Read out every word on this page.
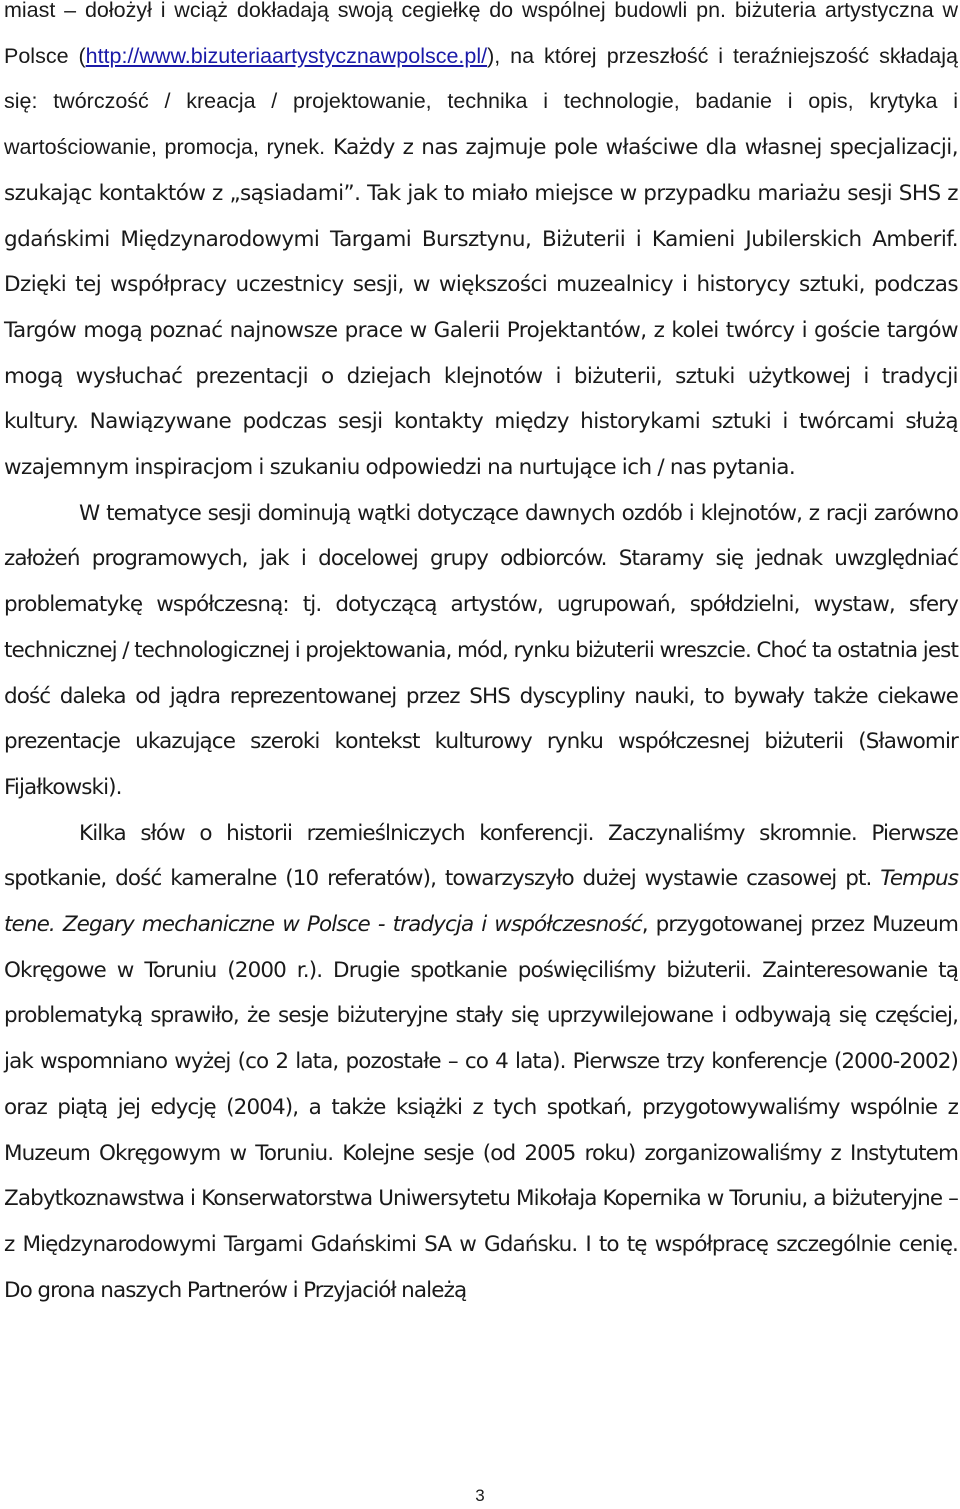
miast – dołożył i wciąż dokładają swoją cegiełkę do wspólnej budowli pn. biżuteria artystyczna w Polsce (http://www.bizuteriaartystycznawpolsce.pl/), na której przeszłość i teraźniejszość składają się: twórczość / kreacja / projektowanie, technika i technologie, badanie i opis, krytyka i wartościowanie, promocja, rynek. Każdy z nas zajmuje pole właściwe dla własnej specjalizacji, szukając kontaktów z „sąsiadami”. Tak jak to miało miejsce w przypadku mariażu sesji SHS z gdańskimi Międzynarodowymi Targami Bursztynu, Biżuterii i Kamieni Jubilerskich Amberif. Dzięki tej współpracy uczestnicy sesji, w większości muzealnicy i historycy sztuki, podczas Targów mogą poznać najnowsze prace w Galerii Projektantów, z kolei twórcy i goście targów mogą wysłuchać prezentacji o dziejach klejnotów i biżuterii, sztuki użytkowej i tradycji kultury. Nawiązywane podczas sesji kontakty między historykami sztuki i twórcami służą wzajemnym inspiracjom i szukaniu odpowiedzi na nurtujące ich / nas pytania.

W tematyce sesji dominują wątki dotyczące dawnych ozdób i klejnotów, z racji zarówno założeń programowych, jak i docelowej grupy odbiorców. Staramy się jednak uwzględniać problematykę współczesną: tj. dotyczącą artystów, ugrupowań, spółdzielni, wystaw, sfery technicznej / technologicznej i projektowania, mód, rynku biżuterii wreszcie. Choć ta ostatnia jest dość daleka od jądra reprezentowanej przez SHS dyscypliny nauki, to bywały także ciekawe prezentacje ukazujące szeroki kontekst kulturowy rynku współczesnej biżuterii (Sławomir Fijałkowski).

Kilka słów o historii rzemieślniczych konferencji. Zaczynaliśmy skromnie. Pierwsze spotkanie, dość kameralne (10 referatów), towarzyszyło dużej wystawie czasowej pt. Tempus tene. Zegary mechaniczne w Polsce - tradycja i współczesność, przygotowanej przez Muzeum Okręgowe w Toruniu (2000 r.). Drugie spotkanie poświęciliśmy biżuterii. Zainteresowanie tą problematyką sprawiło, że sesje biżuteryjne stały się uprzywilejowane i odbywają się częściej, jak wspomniano wyżej (co 2 lata, pozostałe – co 4 lata). Pierwsze trzy konferencje (2000-2002) oraz piątą jej edycję (2004), a także książki z tych spotkań, przygotowywaliśmy wspólnie z Muzeum Okręgowym w Toruniu. Kolejne sesje (od 2005 roku) zorganizowaliśmy z Instytutem Zabytkoznawstwa i Konserwatorstwa Uniwersytetu Mikołaja Kopernika w Toruniu, a biżuteryjne – z Międzynarodowymi Targami Gdańskimi SA w Gdańsku. I to tę współpracę szczególnie cenię. Do grona naszych Partnerów i Przyjaciół należą

3
